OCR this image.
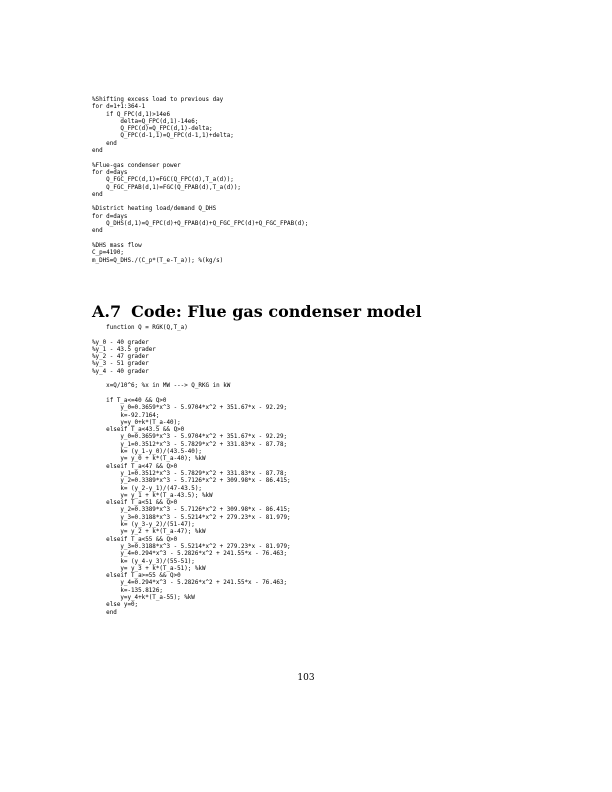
%Shifting excess load to previous day
for d=1+1:364-1
if Q_FPC(d,1)>14e6
delta=Q_FPC(d,1)-14e6;
Q_FPC(d)=Q_FPC(d,1)-delta;
Q_FPC(d-1,1)=Q_FPC(d-1,1)+delta;
end
end

%Flue-gas condenser power
for d=days
Q_FGC_FPC(d,1)=FGC(Q_FPC(d),T_a(d));
Q_FGC_FPAB(d,1)=FGC(Q_FPAB(d),T_a(d));
end

%District heating load/demand Q_DHS
for d=days
Q_DHS(d,1)=Q_FPC(d)+Q_FPAB(d)+Q_FGC_FPC(d)+Q_FGC_FPAB(d);
end

%DHS mass flow
C_p=4190;
m_DHS=Q_DHS./(C_p*(T_e-T_a)); %(kg/s)
A.7 Code: Flue gas condenser model
function Q = RGK(Q,T_a)

%y_0 - 40 grader
%y_1 - 43.5 grader
%y_2 - 47 grader
%y_3 - 51 grader
%y_4 - 40 grader

x=Q/10^6; %x in MW ---> Q_RKG in kW

if T_a<=40 && Q>0
y_0=0.3659*x^3 - 5.9704*x^2 + 351.67*x - 92.29;
k=-92.7164;
y=y_0+k*(T_a-40);
elseif T_a<43.5 && Q>0
y_0=0.3659*x^3 - 5.9704*x^2 + 351.67*x - 92.29;
y_1=0.3512*x^3 - 5.7829*x^2 + 331.83*x - 87.78;
k= (y_1-y_0)/(43.5-40);
y= y_0 + k*(T_a-40); %kW
elseif T_a<47 && Q>0
y_1=0.3512*x^3 - 5.7829*x^2 + 331.83*x - 87.78;
y_2=0.3389*x^3 - 5.7126*x^2 + 309.98*x - 86.415;
k= (y_2-y_1)/(47-43.5);
y= y_1 + k*(T_a-43.5); %kW
elseif T_a<51 && Q>0
y_2=0.3389*x^3 - 5.7126*x^2 + 309.98*x - 86.415;
y_3=0.3188*x^3 - 5.5214*x^2 + 279.23*x - 81.979;
k= (y_3-y_2)/(51-47);
y= y_2 + k*(T_a-47); %kW
elseif T_a<55 && Q>0
y_3=0.3188*x^3 - 5.5214*x^2 + 279.23*x - 81.979;
y_4=0.294*x^3 - 5.2826*x^2 + 241.55*x - 76.463;
k= (y_4-y_3)/(55-51);
y= y_3 + k*(T_a-51); %kW
elseif T_a>=55 && Q>0
y_4=0.294*x^3 - 5.2826*x^2 + 241.55*x - 76.463;
k=-135.8126;
y=y_4+k*(T_a-55); %kW
else y=0;
end
103
